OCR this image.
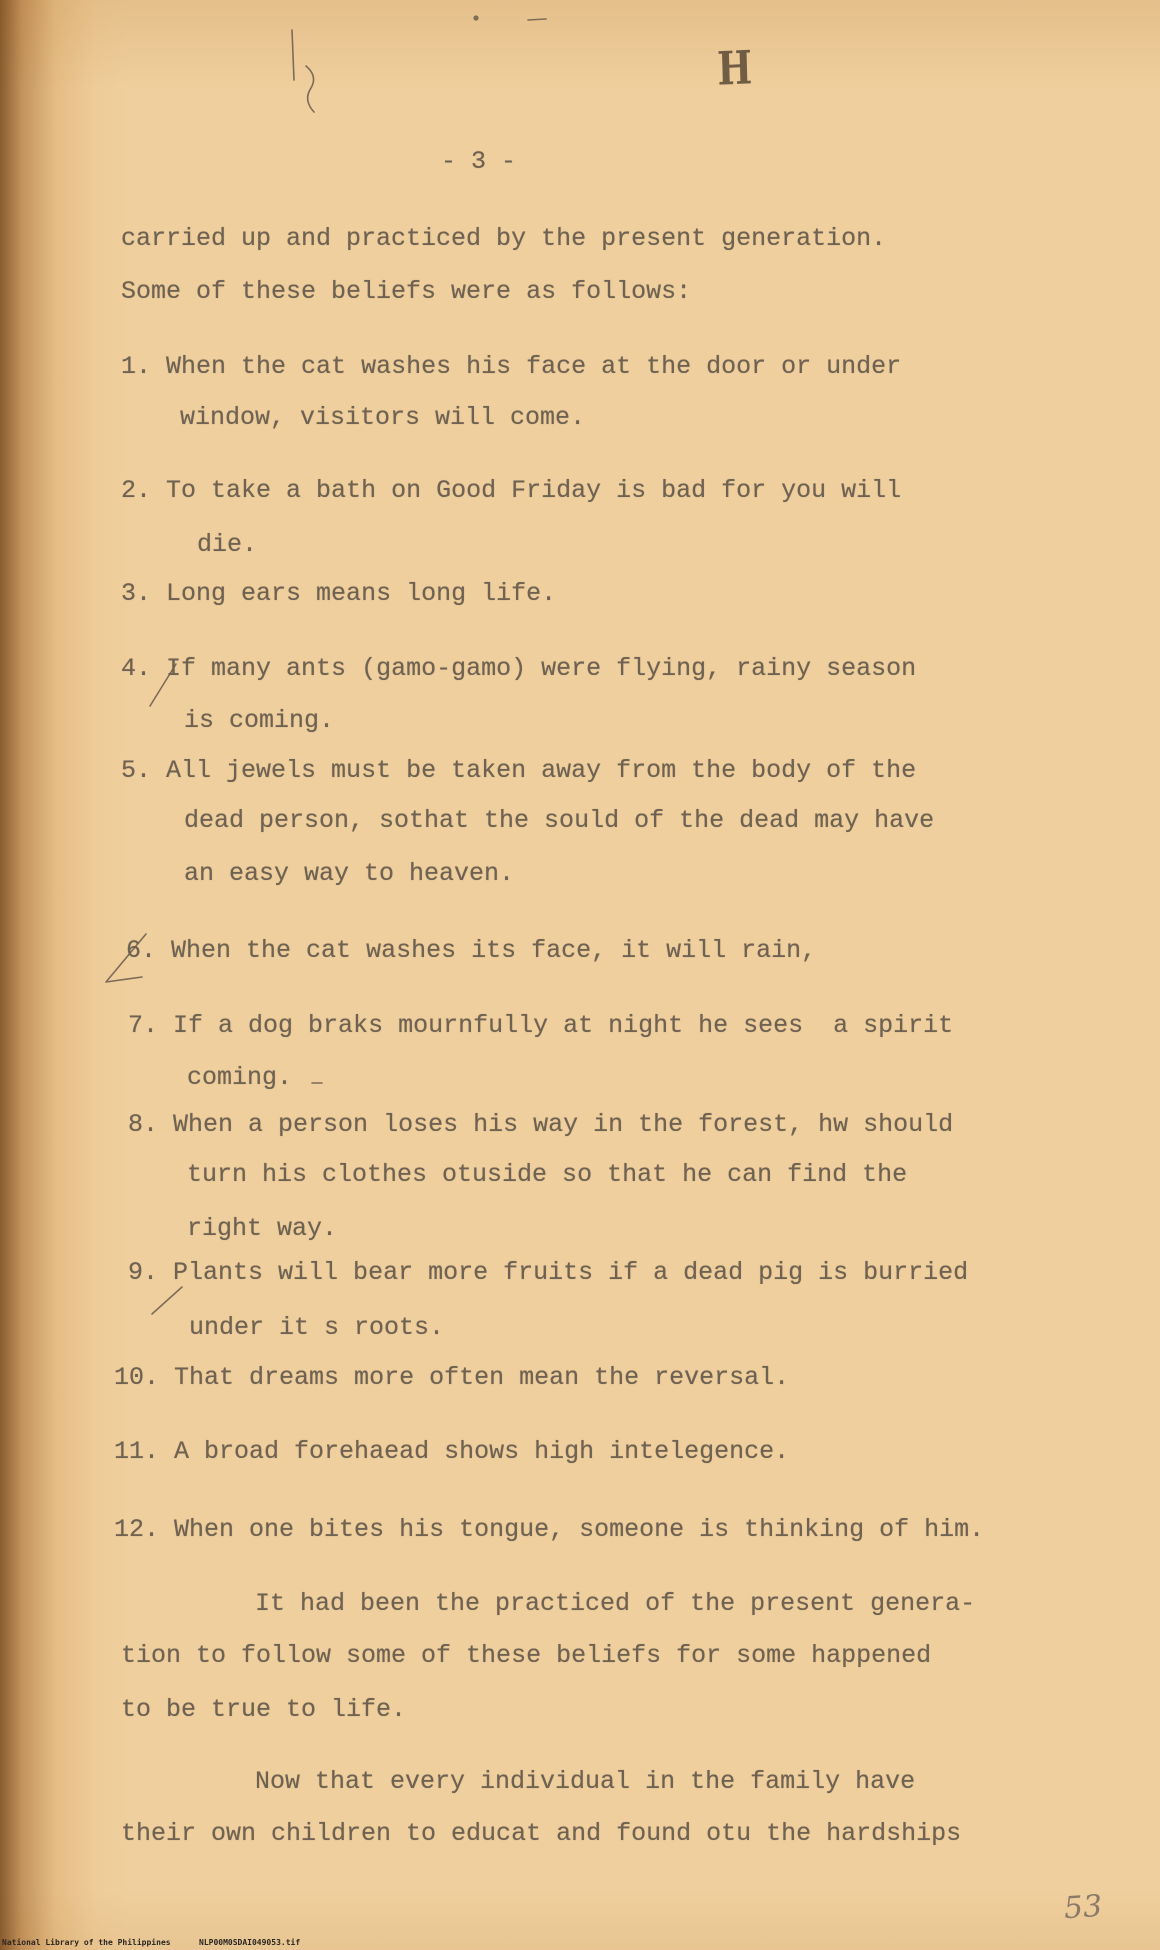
H
- 3 -
carried up and practiced by the present generation.
Some of these beliefs were as follows:
1. When the cat washes his face at the door or under
window, visitors will come.
2. To take a bath on Good Friday is bad for you will
die.
3. Long ears means long life.
4. If many ants (gamo-gamo) were flying, rainy season
is coming.
5. All jewels must be taken away from the body of the
dead person, sothat the sould of the dead may have
an easy way to heaven.
6. When the cat washes its face, it will rain,
7. If a dog braks mournfully at night he sees  a spirit
coming.
8. When a person loses his way in the forest, hw should
turn his clothes otuside so that he can find the
right way.
9. Plants will bear more fruits if a dead pig is burried
under it s roots.
10. That dreams more often mean the reversal.
11. A broad forehaead shows high intelegence.
12. When one bites his tongue, someone is thinking of him.
It had been the practiced of the present genera-
tion to follow some of these beliefs for some happened
to be true to life.
Now that every individual in the family have
their own children to educat and found otu the hardships
53
National Library of the Philippines	NLP00M0SDAI049053.tif
